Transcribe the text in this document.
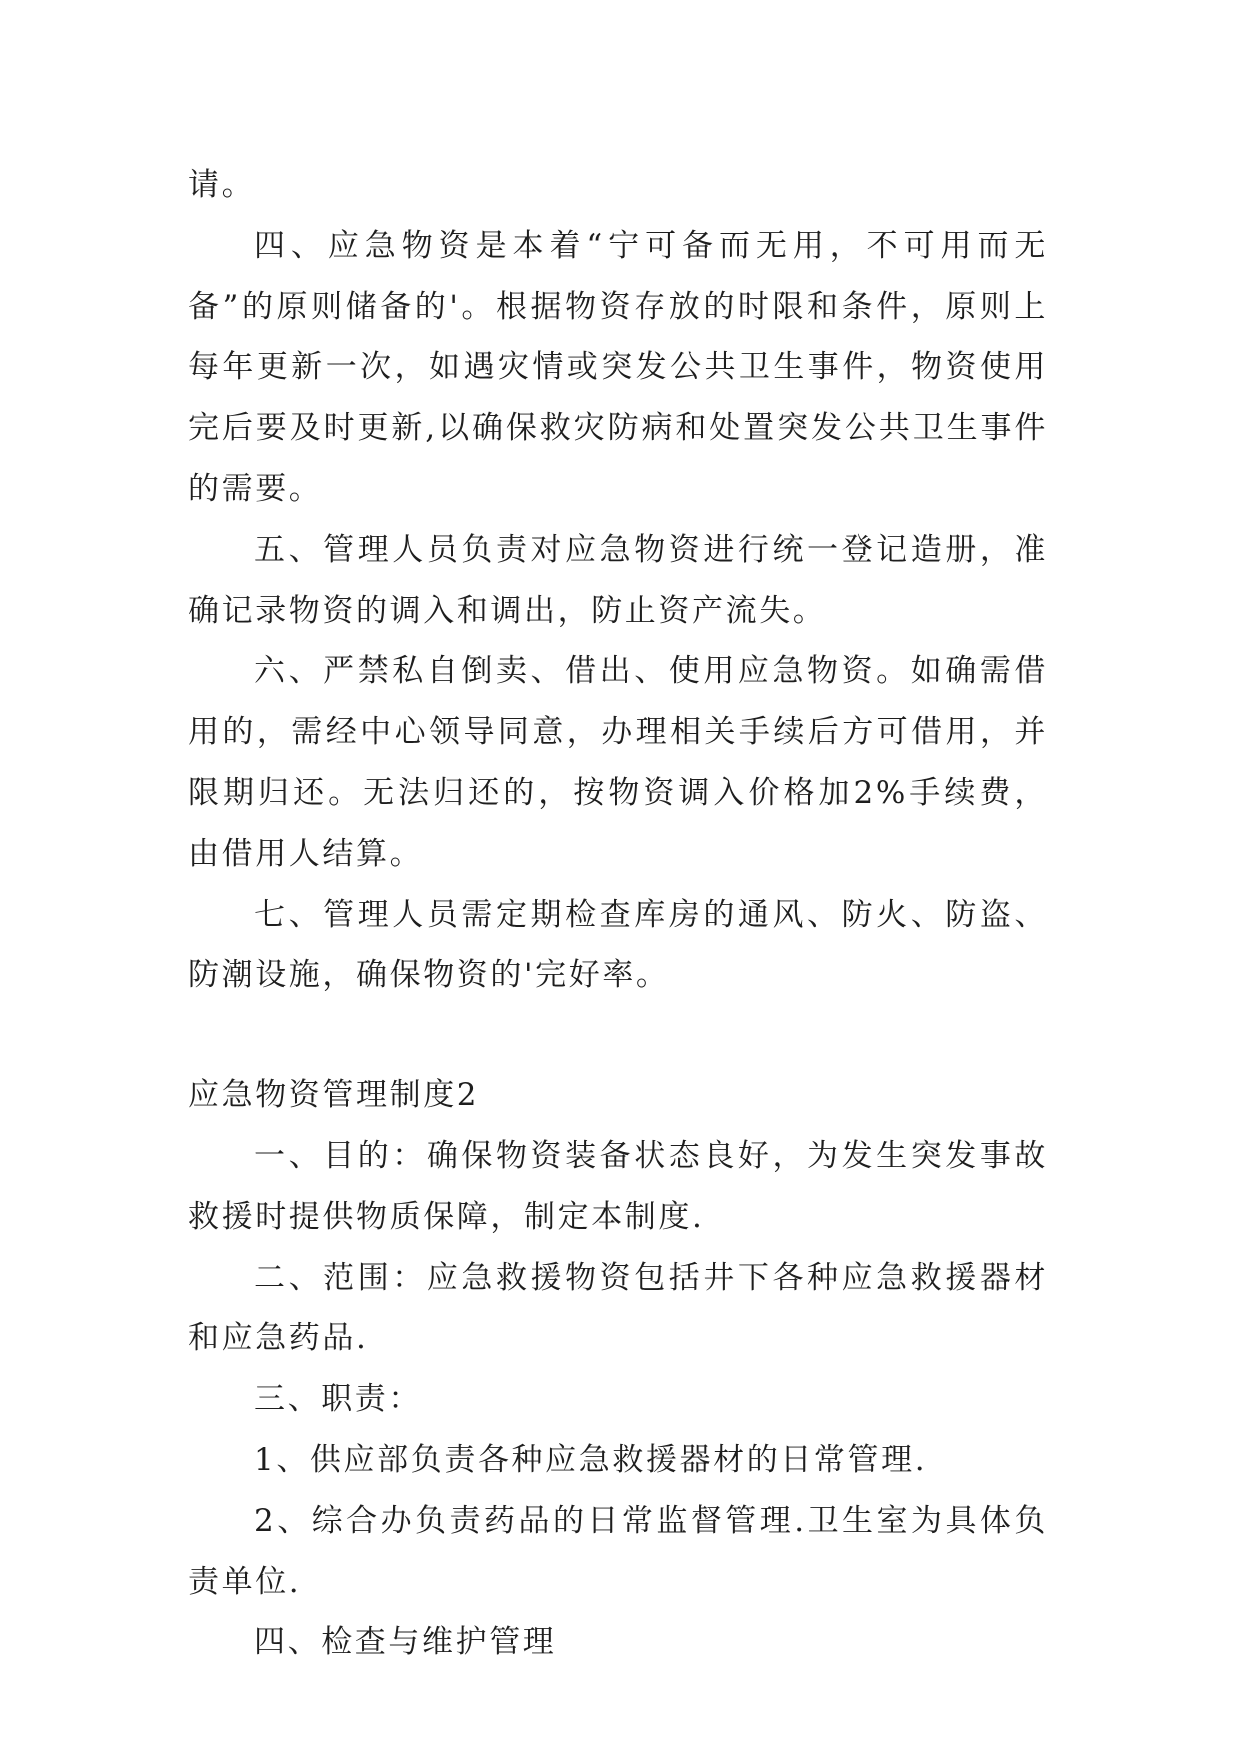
请。

四、应急物资是本着“宁可备而无用，不可用而无备”的原则储备的'。根据物资存放的时限和条件，原则上每年更新一次，如遇灾情或突发公共卫生事件，物资使用完后要及时更新,以确保救灾防病和处置突发公共卫生事件的需要。

五、管理人员负责对应急物资进行统一登记造册，准确记录物资的调入和调出，防止资产流失。

六、严禁私自倒卖、借出、使用应急物资。如确需借用的，需经中心领导同意，办理相关手续后方可借用，并限期归还。无法归还的，按物资调入价格加2%手续费，由借用人结算。

七、管理人员需定期检查库房的通风、防火、防盗、防潮设施，确保物资的'完好率。

应急物资管理制度2

一、目的：确保物资装备状态良好，为发生突发事故救援时提供物质保障，制定本制度.

二、范围：应急救援物资包括井下各种应急救援器材和应急药品.

三、职责：

1、供应部负责各种应急救援器材的日常管理.

2、综合办负责药品的日常监督管理.卫生室为具体负责单位.

四、检查与维护管理
